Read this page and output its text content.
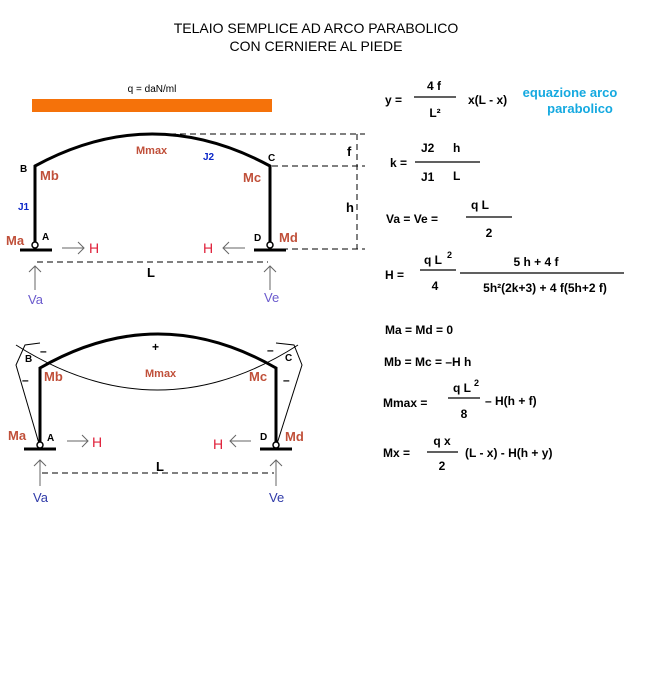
TELAIO SEMPLICE AD ARCO PARABOLICO
CON CERNIERE AL PIEDE
q = daN/ml
f
h
B
C
A	D
Mb	Mc
Ma	Md
Mmax
J1
J2
H	H
L
Va	Ve
B	C
A	D
–	–
–	–
+
Mb	Mc
Mmax
Ma	Md
H	H
L
Va	Ve
y =
4 f
L²
x(L - x) equazione arco
parabolico
k =
J2 h
J1 L
Va = Ve =
q L
2
H =
q L 2
4
5 h + 4 f
5h²(2k+3) + 4 f(5h+2 f)
Ma = Md = 0
Mb = Mc = –H h
Mmax =
q L 2
8
– H(h + f)
Mx =
q x
2
(L - x) - H(h + y)
